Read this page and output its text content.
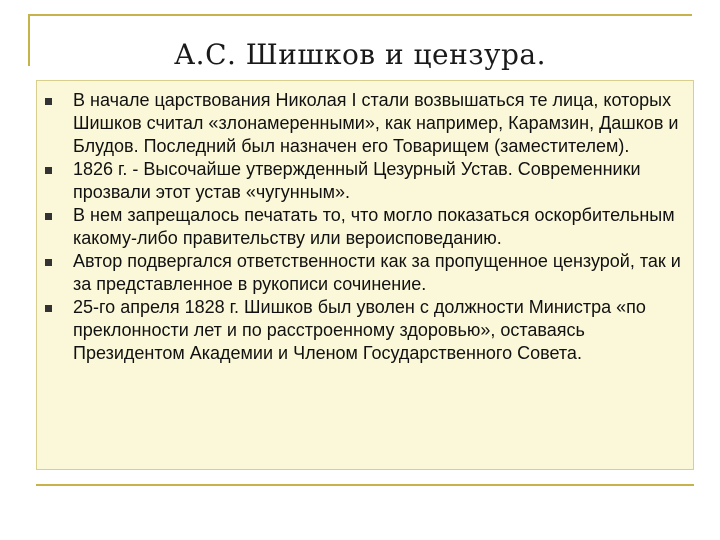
А.С. Шишков и цензура.
В начале царствования Николая I стали возвышаться те лица, которых Шишков считал «злонамеренными», как например, Карамзин, Дашков и Блудов. Последний был назначен его Товарищем (заместителем).
1826 г. - Высочайше утвержденный Цезурный Устав. Современники прозвали этот устав «чугунным».
В нем запрещалось печатать то, что могло показаться оскорбительным какому-либо правительству или вероисповеданию.
Автор подвергался ответственности как за пропущенное цензурой, так и за представленное в рукописи сочинение.
25-го апреля 1828 г. Шишков был уволен с должности Министра «по преклонности лет и по расстроенному здоровью», оставаясь Президентом Академии и Членом Государственного Совета.
